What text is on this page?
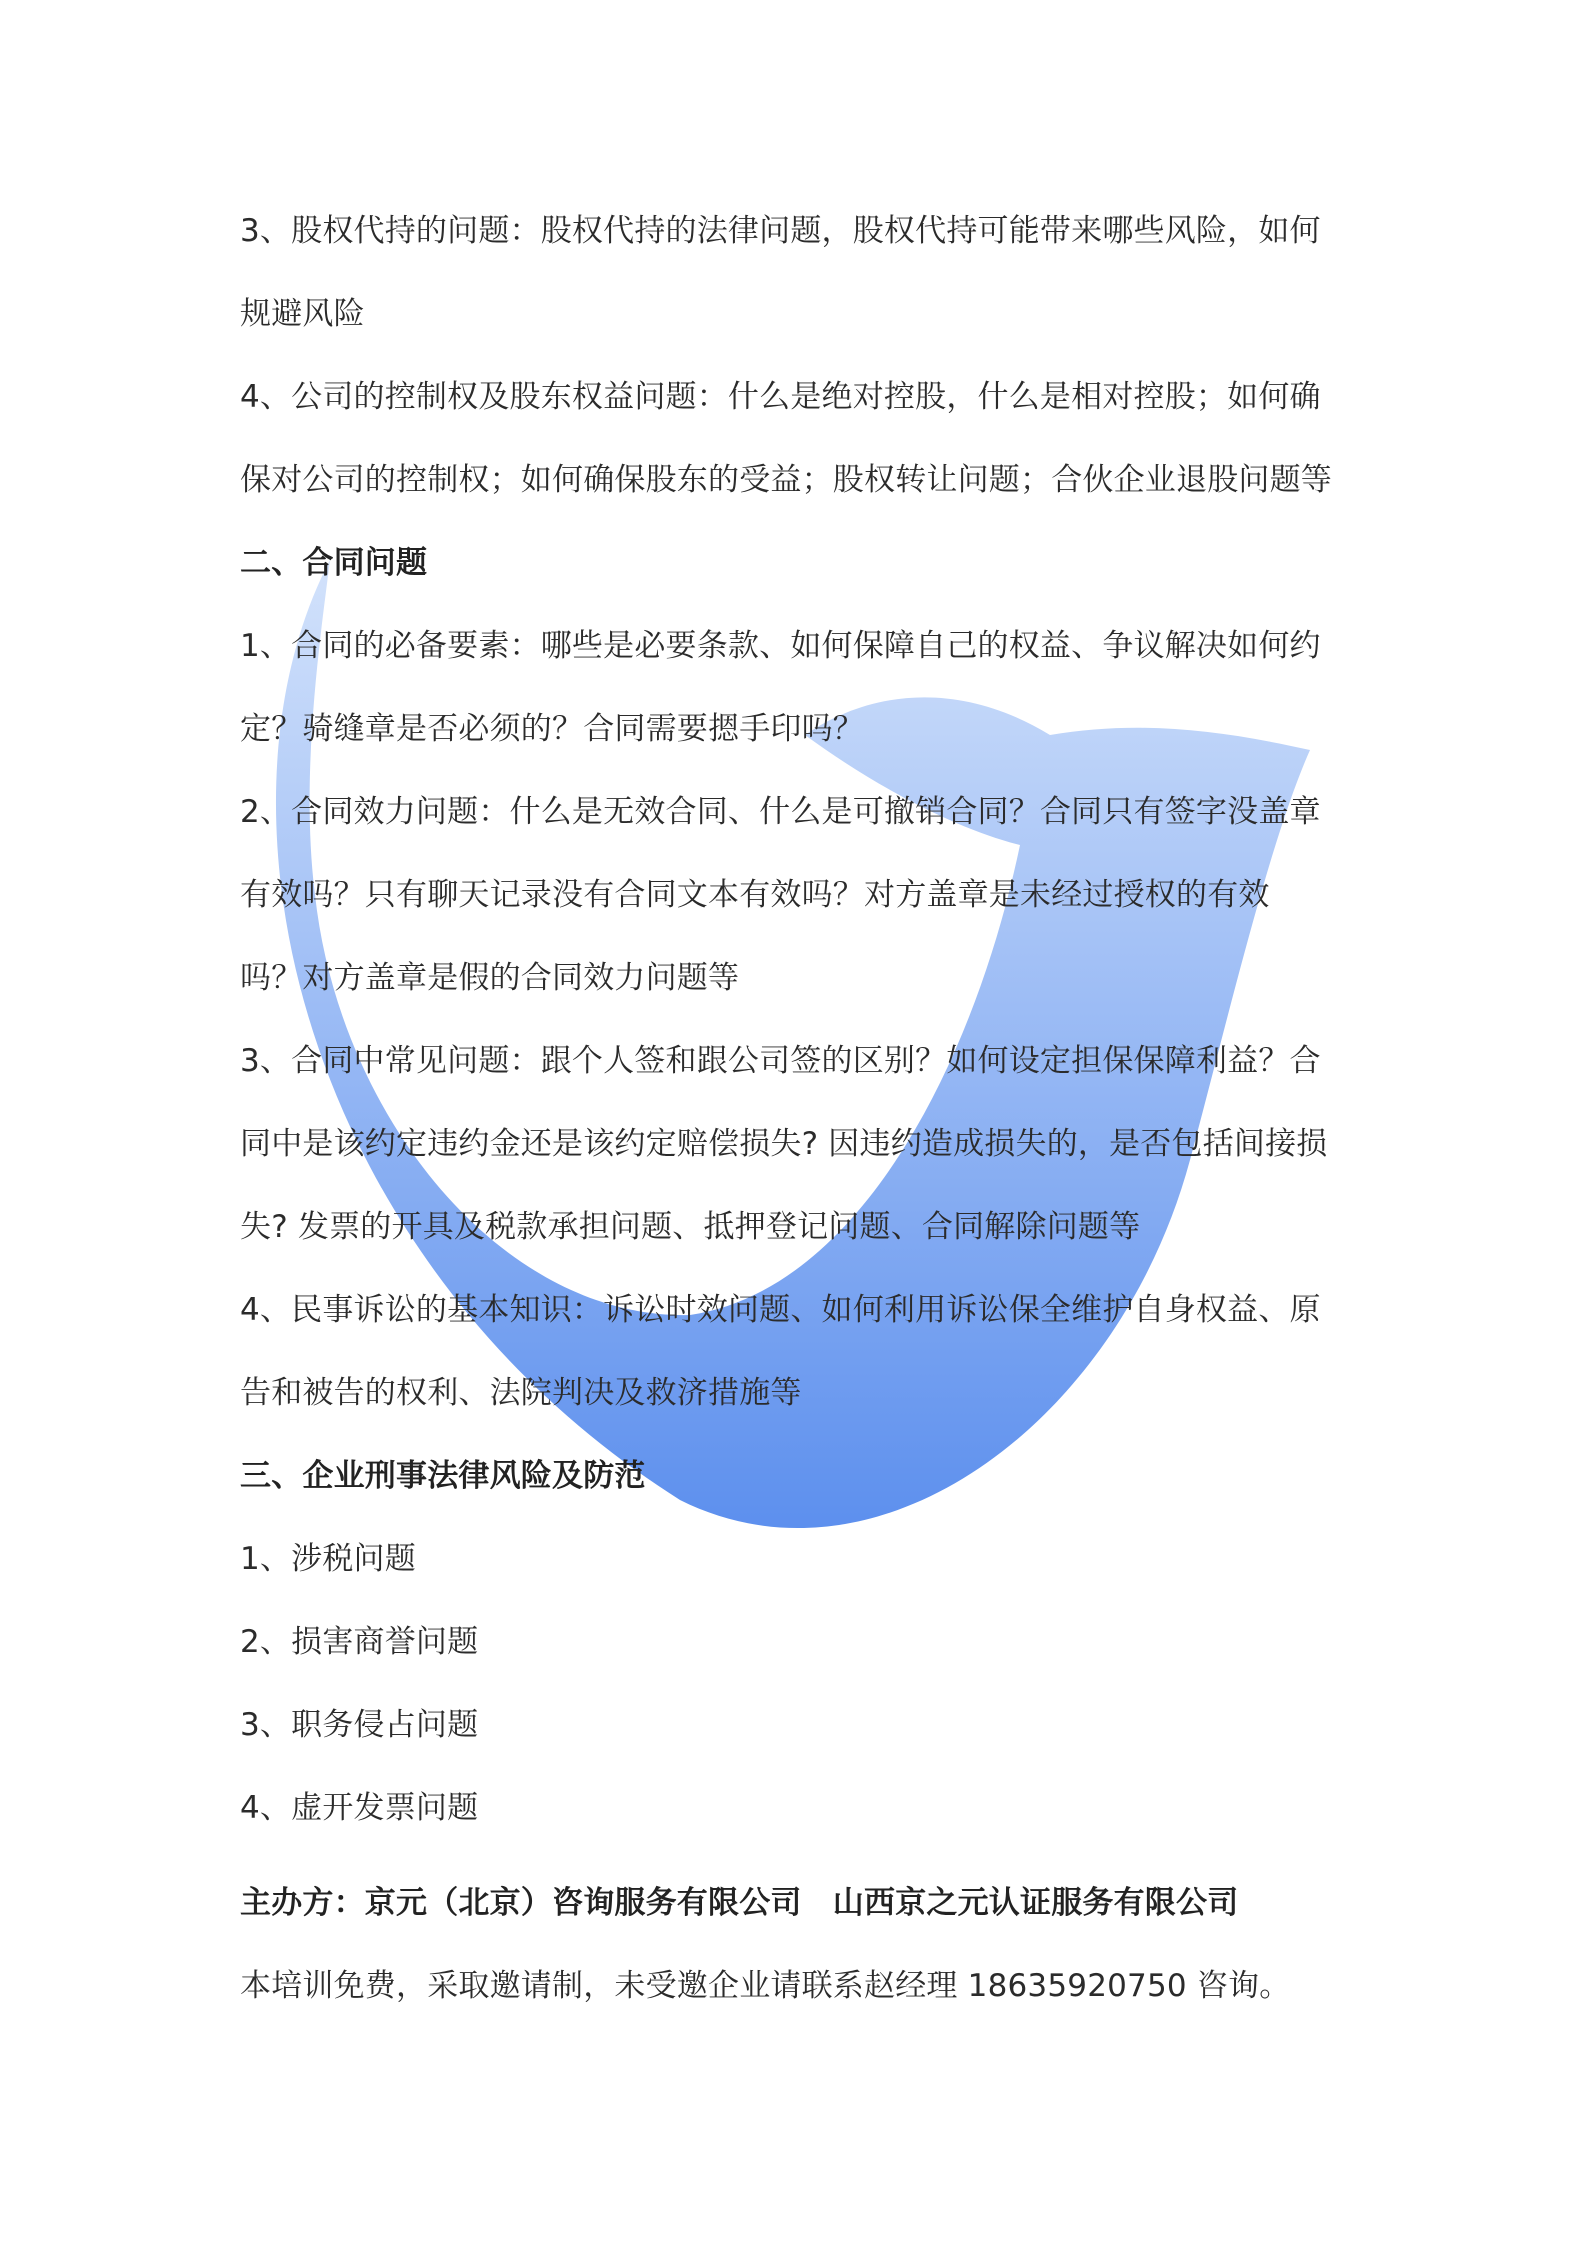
3、股权代持的问题：股权代持的法律问题，股权代持可能带来哪些风险，如何
规避风险
4、公司的控制权及股东权益问题：什么是绝对控股，什么是相对控股；如何确
保对公司的控制权；如何确保股东的受益；股权转让问题；合伙企业退股问题等
二、合同问题
1、合同的必备要素：哪些是必要条款、如何保障自己的权益、争议解决如何约
定？骑缝章是否必须的？合同需要摁手印吗？
2、合同效力问题：什么是无效合同、什么是可撤销合同？合同只有签字没盖章
有效吗？只有聊天记录没有合同文本有效吗？对方盖章是未经过授权的有效
吗？对方盖章是假的合同效力问题等
3、合同中常见问题：跟个人签和跟公司签的区别？如何设定担保保障利益？合
同中是该约定违约金还是该约定赔偿损失? 因违约造成损失的，是否包括间接损
失? 发票的开具及税款承担问题、抵押登记问题、合同解除问题等
4、民事诉讼的基本知识：诉讼时效问题、如何利用诉讼保全维护自身权益、原
告和被告的权利、法院判决及救济措施等
三、企业刑事法律风险及防范
1、涉税问题
2、损害商誉问题
3、职务侵占问题
4、虚开发票问题
主办方：京元（北京）咨询服务有限公司　山西京之元认证服务有限公司
本培训免费，采取邀请制，未受邀企业请联系赵经理 18635920750 咨询。
